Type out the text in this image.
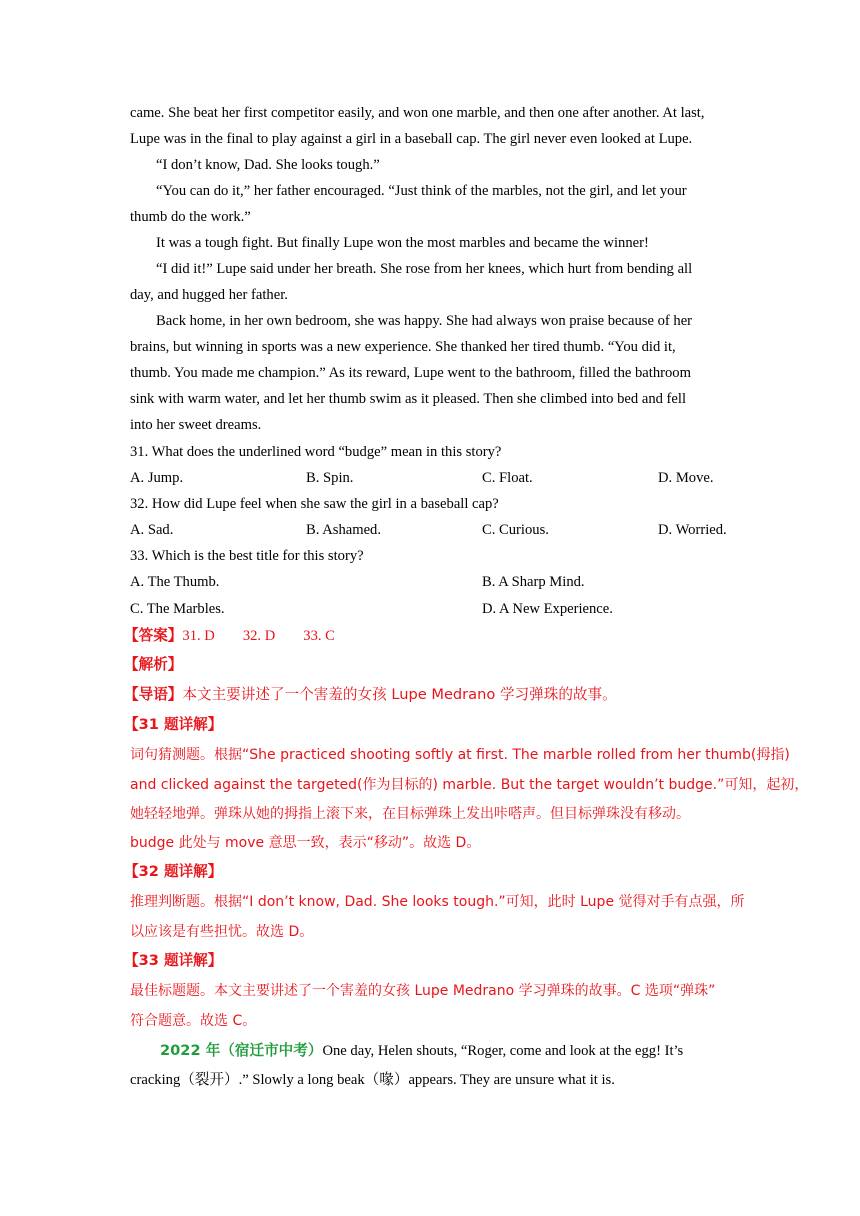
came. She beat her first competitor easily, and won one marble, and then one after another. At last,
Lupe was in the final to play against a girl in a baseball cap. The girl never even looked at Lupe.
“I don’t know, Dad. She looks tough.”
“You can do it,” her father encouraged. “Just think of the marbles, not the girl, and let your
thumb do the work.”
It was a tough fight. But finally Lupe won the most marbles and became the winner!
“I did it!” Lupe said under her breath. She rose from her knees, which hurt from bending all
day, and hugged her father.
Back home, in her own bedroom, she was happy. She had always won praise because of her
brains, but winning in sports was a new experience. She thanked her tired thumb. “You did it,
thumb. You made me champion.” As its reward, Lupe went to the bathroom, filled the bathroom
sink with warm water, and let her thumb swim as it pleased. Then she climbed into bed and fell
into her sweet dreams.
31. What does the underlined word “budge” mean in this story?
A. Jump.	B. Spin.	C. Float.	D. Move.
32. How did Lupe feel when she saw the girl in a baseball cap?
A. Sad.	B. Ashamed.	C. Curious.	D. Worried.
33. Which is the best title for this story?
A. The Thumb.	B. A Sharp Mind.
C. The Marbles.	D. A New Experience.
【答案】31. D 32. D 33. C
【解析】
【导语】本文主要讲述了一个害羞的女孩 Lupe Medrano 学习弹珠的故事。
【31 题详解】
词句猜测题。根据“She practiced shooting softly at first. The marble rolled from her thumb(拇指)
and clicked against the targeted(作为目标的) marble. But the target wouldn’t budge.”可知，起初，
她轻轻地弹。弹珠从她的拇指上滚下来，在目标弹珠上发出咔嗒声。但目标弹珠没有移动。
budge 此处与 move 意思一致，表示“移动”。故选 D。
【32 题详解】
推理判断题。根据“I don’t know, Dad. She looks tough.”可知，此时 Lupe 觉得对手有点强，所
以应该是有些担忧。故选 D。
【33 题详解】
最佳标题题。本文主要讲述了一个害羞的女孩 Lupe Medrano 学习弹珠的故事。C 选项“弹珠”
符合题意。故选 C。
2022 年（宿迁市中考）One day, Helen shouts, “Roger, come and look at the egg! It’s
cracking（裂开）.” Slowly a long beak（喙）appears. They are unsure what it is.
